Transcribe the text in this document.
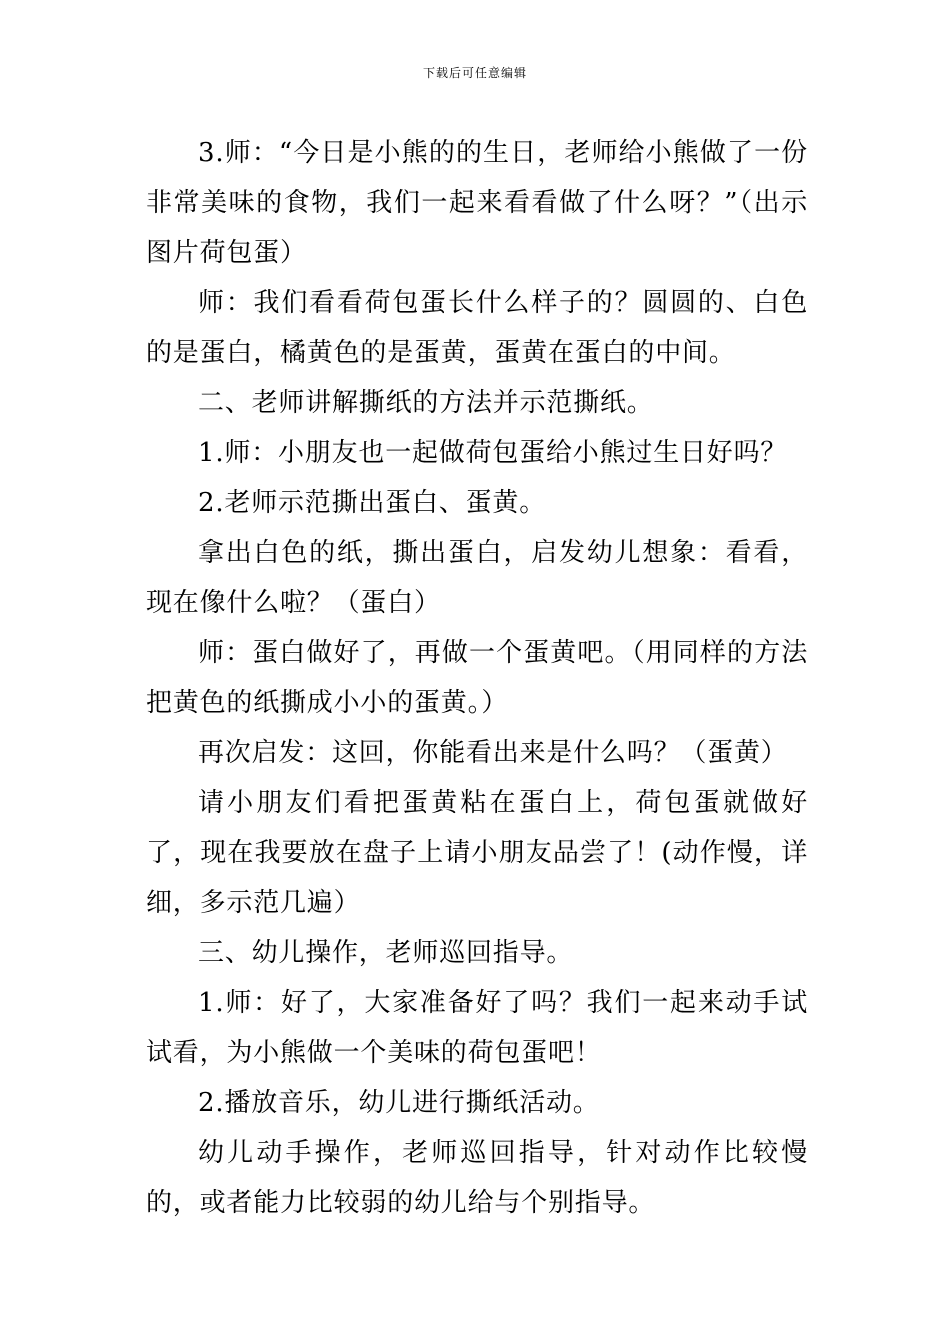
下载后可任意编辑

3.师：“今日是小熊的的生日，老师给小熊做了一份非常美味的食物，我们一起来看看做了什么呀？”（出示图片荷包蛋）

师：我们看看荷包蛋长什么样子的？圆圆的、白色的是蛋白，橘黄色的是蛋黄，蛋黄在蛋白的中间。

二、老师讲解撕纸的方法并示范撕纸。

1.师：小朋友也一起做荷包蛋给小熊过生日好吗？

2.老师示范撕出蛋白、蛋黄。

拿出白色的纸，撕出蛋白，启发幼儿想象：看看，现在像什么啦？（蛋白）

师：蛋白做好了，再做一个蛋黄吧。（用同样的方法把黄色的纸撕成小小的蛋黄。）

再次启发：这回，你能看出来是什么吗？（蛋黄）

请小朋友们看把蛋黄粘在蛋白上，荷包蛋就做好了，现在我要放在盘子上请小朋友品尝了！(动作慢，详细，多示范几遍）

三、幼儿操作，老师巡回指导。

1.师：好了，大家准备好了吗？我们一起来动手试试看，为小熊做一个美味的荷包蛋吧！

2.播放音乐，幼儿进行撕纸活动。

幼儿动手操作，老师巡回指导，针对动作比较慢的，或者能力比较弱的幼儿给与个别指导。
